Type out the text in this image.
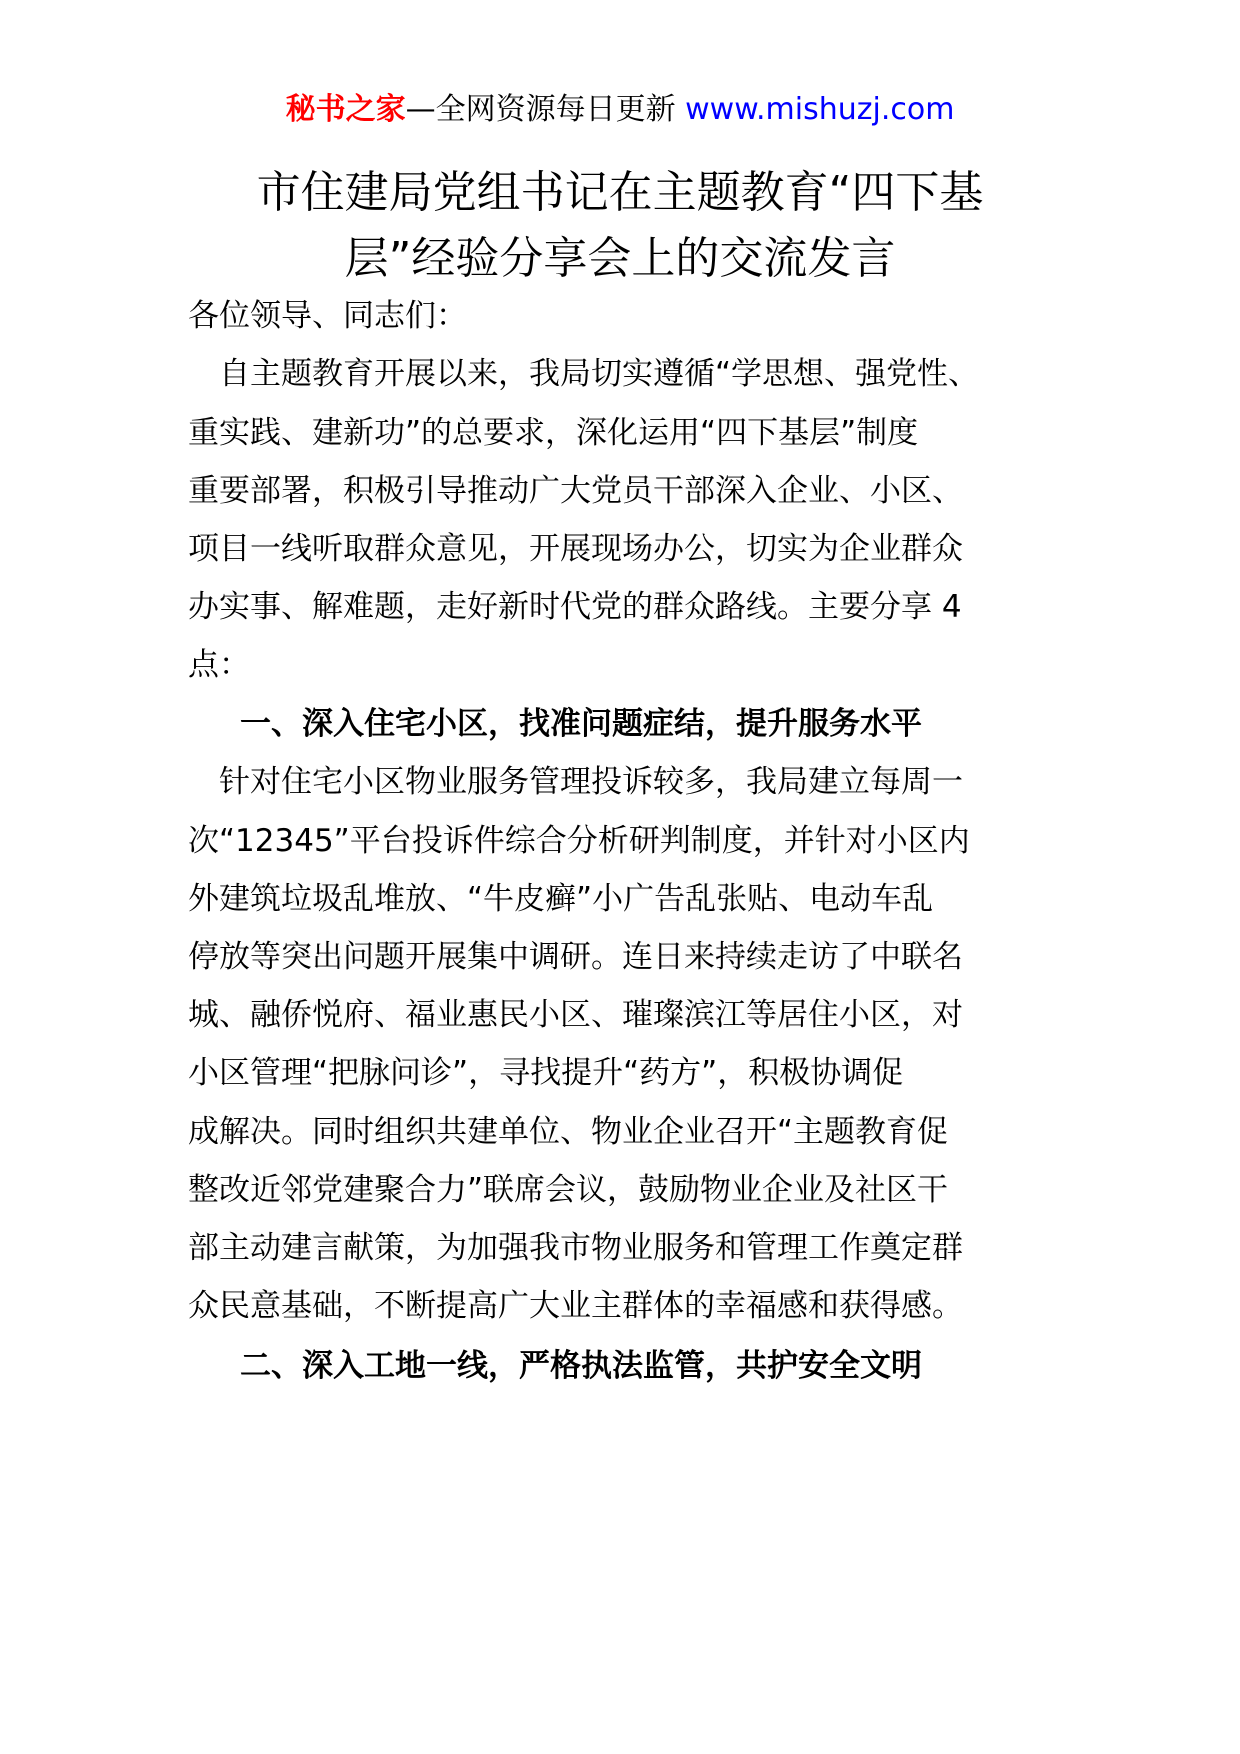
秘书之家—全网资源每日更新 www.mishuzj.com
市住建局党组书记在主题教育“四下基
层”经验分享会上的交流发言
各位领导、同志们：
　自主题教育开展以来，我局切实遵循“学思想、强党性、
重实践、建新功”的总要求，深化运用“四下基层”制度
重要部署，积极引导推动广大党员干部深入企业、小区、
项目一线听取群众意见，开展现场办公，切实为企业群众
办实事、解难题，走好新时代党的群众路线。主要分享 4
点：
一、深入住宅小区，找准问题症结，提升服务水平
　针对住宅小区物业服务管理投诉较多，我局建立每周一
次“12345”平台投诉件综合分析研判制度，并针对小区内
外建筑垃圾乱堆放、“牛皮癣”小广告乱张贴、电动车乱
停放等突出问题开展集中调研。连日来持续走访了中联名
城、融侨悦府、福业惠民小区、璀璨滨江等居住小区，对
小区管理“把脉问诊”，寻找提升“药方”，积极协调促
成解决。同时组织共建单位、物业企业召开“主题教育促
整改近邻党建聚合力”联席会议，鼓励物业企业及社区干
部主动建言献策，为加强我市物业服务和管理工作奠定群
众民意基础，不断提高广大业主群体的幸福感和获得感。
二、深入工地一线，严格执法监管，共护安全文明
